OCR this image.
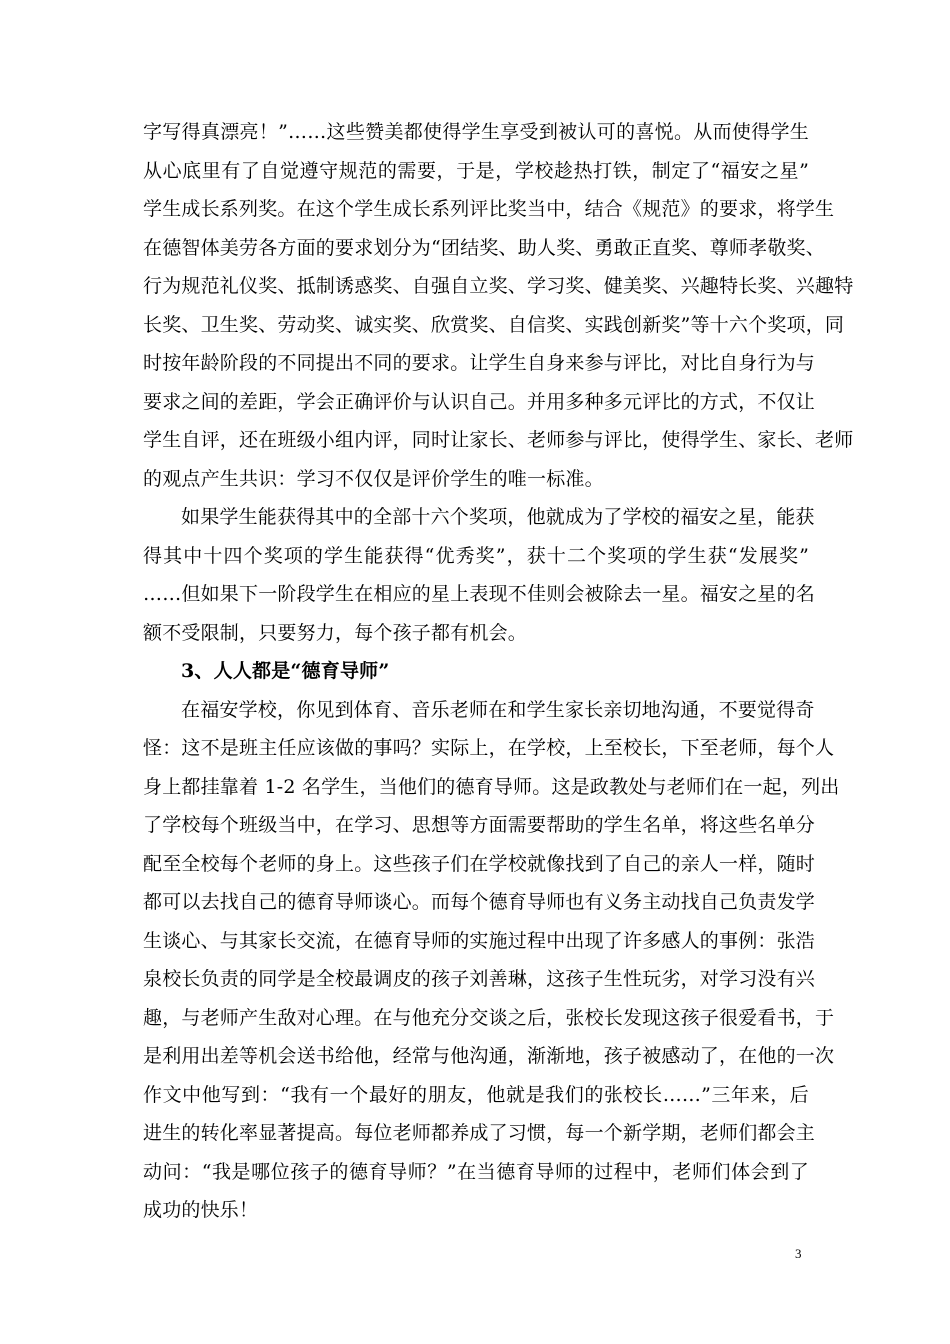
字写得真漂亮！”……这些赞美都使得学生享受到被认可的喜悦。从而使得学生
从心底里有了自觉遵守规范的需要，于是，学校趁热打铁，制定了“福安之星”
学生成长系列奖。在这个学生成长系列评比奖当中，结合《规范》的要求，将学生
在德智体美劳各方面的要求划分为“团结奖、助人奖、勇敢正直奖、尊师孝敬奖、
行为规范礼仪奖、抵制诱惑奖、自强自立奖、学习奖、健美奖、兴趣特长奖、兴趣特
长奖、卫生奖、劳动奖、诚实奖、欣赏奖、自信奖、实践创新奖”等十六个奖项，同
时按年龄阶段的不同提出不同的要求。让学生自身来参与评比，对比自身行为与
要求之间的差距，学会正确评价与认识自己。并用多种多元评比的方式，不仅让
学生自评，还在班级小组内评，同时让家长、老师参与评比，使得学生、家长、老师
的观点产生共识：学习不仅仅是评价学生的唯一标准。
如果学生能获得其中的全部十六个奖项，他就成为了学校的福安之星，能获
得其中十四个奖项的学生能获得“优秀奖”，获十二个奖项的学生获“发展奖”
……但如果下一阶段学生在相应的星上表现不佳则会被除去一星。福安之星的名
额不受限制，只要努力，每个孩子都有机会。
3、人人都是“德育导师”
在福安学校，你见到体育、音乐老师在和学生家长亲切地沟通，不要觉得奇
怪：这不是班主任应该做的事吗？实际上，在学校，上至校长，下至老师，每个人
身上都挂靠着 1-2 名学生，当他们的德育导师。这是政教处与老师们在一起，列出
了学校每个班级当中，在学习、思想等方面需要帮助的学生名单，将这些名单分
配至全校每个老师的身上。这些孩子们在学校就像找到了自己的亲人一样，随时
都可以去找自己的德育导师谈心。而每个德育导师也有义务主动找自己负责发学
生谈心、与其家长交流，在德育导师的实施过程中出现了许多感人的事例：张浩
泉校长负责的同学是全校最调皮的孩子刘善琳，这孩子生性玩劣，对学习没有兴
趣，与老师产生敌对心理。在与他充分交谈之后，张校长发现这孩子很爱看书，于
是利用出差等机会送书给他，经常与他沟通，渐渐地，孩子被感动了，在他的一次
作文中他写到：“我有一个最好的朋友，他就是我们的张校长……”三年来，后
进生的转化率显著提高。每位老师都养成了习惯，每一个新学期，老师们都会主
动问：“我是哪位孩子的德育导师？”在当德育导师的过程中，老师们体会到了
成功的快乐！
3
